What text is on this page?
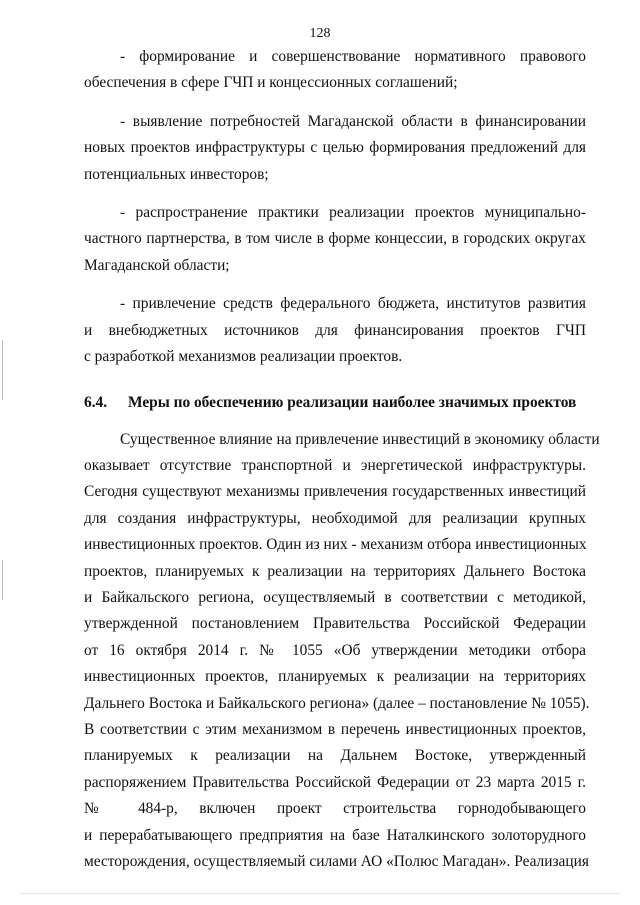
128
- формирование и совершенствование нормативного правового
обеспечения в сфере ГЧП и концессионных соглашений;
- выявление потребностей Магаданской области в финансировании
новых проектов инфраструктуры с целью формирования предложений для
потенциальных инвесторов;
- распространение практики реализации проектов муниципально-
частного партнерства, в том числе в форме концессии, в городских округах
Магаданской области;
- привлечение средств федерального бюджета, институтов развития
и внебюджетных источников для финансирования проектов ГЧП
с разработкой механизмов реализации проектов.
6.4. Меры по обеспечению реализации наиболее значимых проектов
Существенное влияние на привлечение инвестиций в экономику области
оказывает отсутствие транспортной и энергетической инфраструктуры.
Сегодня существуют механизмы привлечения государственных инвестиций
для создания инфраструктуры, необходимой для реализации крупных
инвестиционных проектов. Один из них - механизм отбора инвестиционных
проектов, планируемых к реализации на территориях Дальнего Востока
и Байкальского региона, осуществляемый в соответствии с методикой,
утвержденной постановлением Правительства Российской Федерации
от 16 октября 2014 г. № 1055 «Об утверждении методики отбора
инвестиционных проектов, планируемых к реализации на территориях
Дальнего Востока и Байкальского региона» (далее – постановление № 1055).
В соответствии с этим механизмом в перечень инвестиционных проектов,
планируемых к реализации на Дальнем Востоке, утвержденный
распоряжением Правительства Российской Федерации от 23 марта 2015 г.
№ 484-р, включен проект строительства горнодобывающего
и перерабатывающего предприятия на базе Наталкинского золоторудного
месторождения, осуществляемый силами АО «Полюс Магадан». Реализация
